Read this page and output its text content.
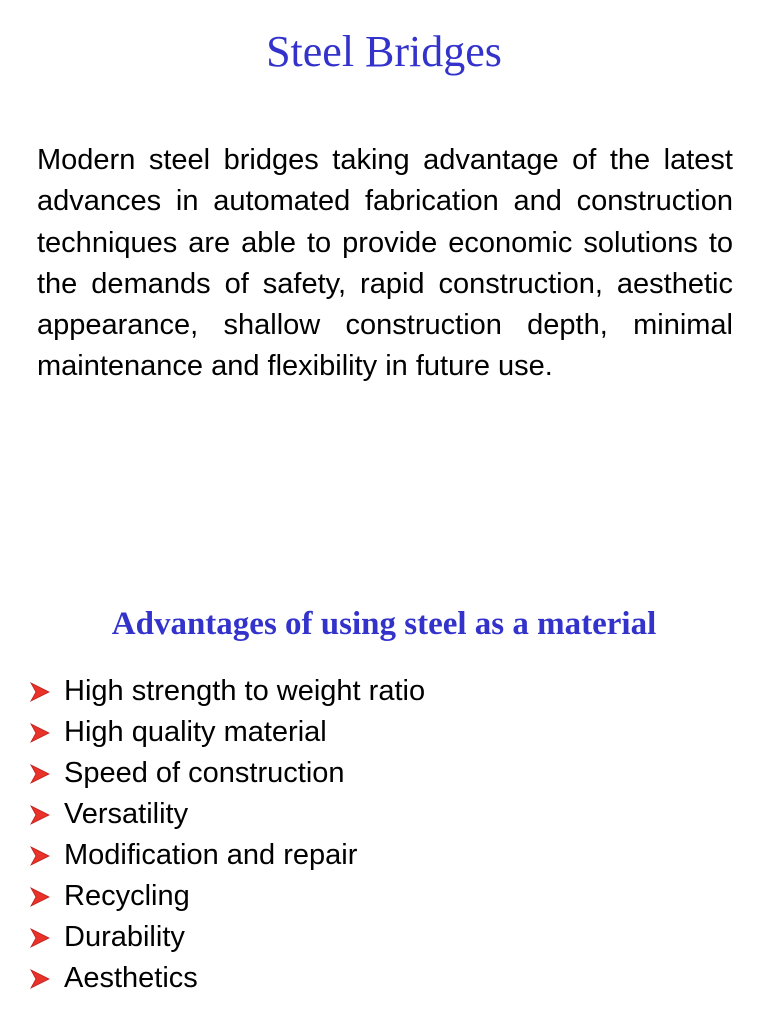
Steel Bridges

Modern steel bridges taking advantage of the latest advances in automated fabrication and construction techniques are able to provide economic solutions to the demands of safety, rapid construction, aesthetic appearance, shallow construction depth, minimal maintenance and flexibility in future use.

Advantages of using steel as a material
High strength to weight ratio
High quality material
Speed of construction
Versatility
Modification and repair
Recycling
Durability
Aesthetics
